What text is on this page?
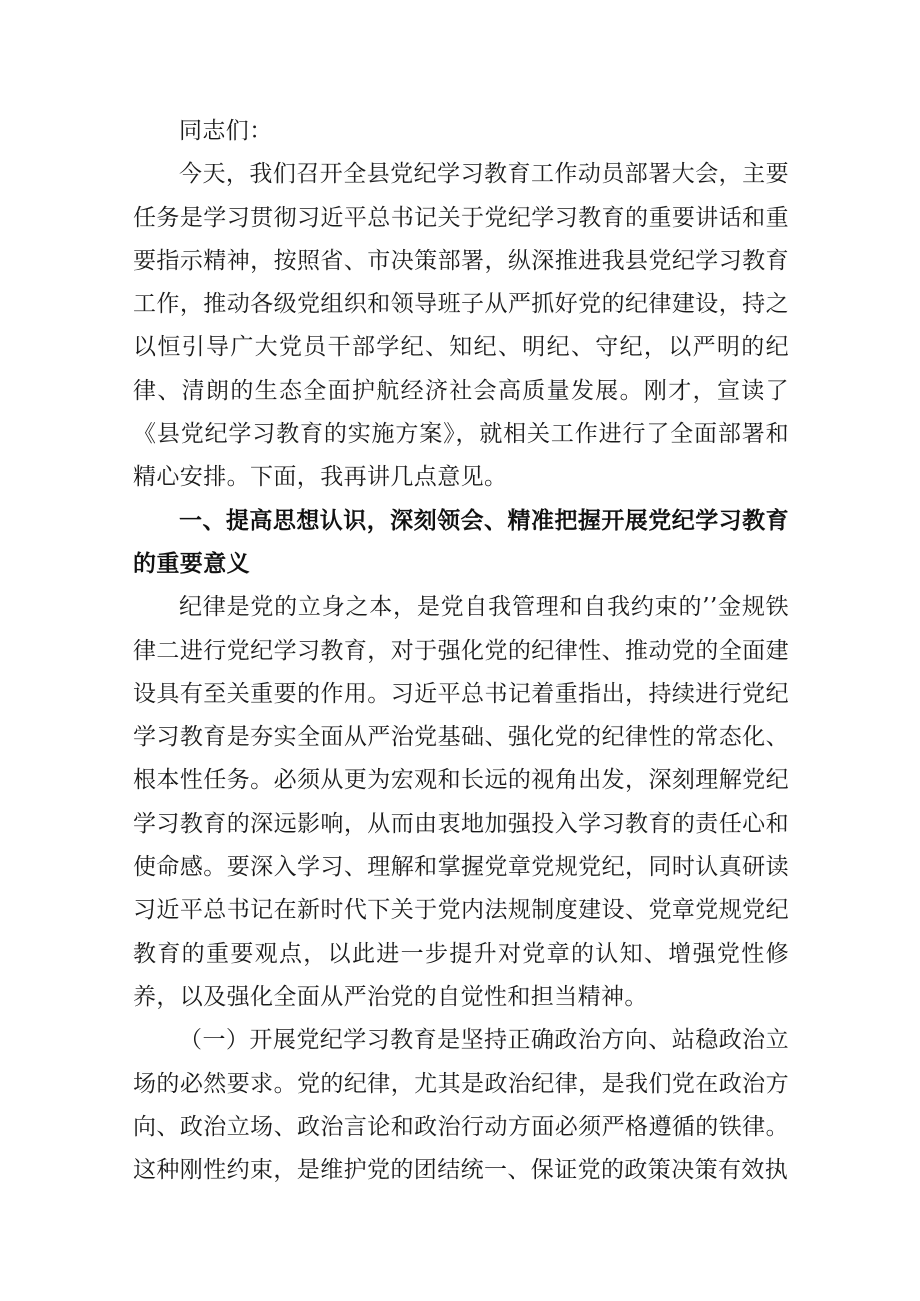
同志们：

今天，我们召开全县党纪学习教育工作动员部署大会，主要任务是学习贯彻习近平总书记关于党纪学习教育的重要讲话和重要指示精神，按照省、市决策部署，纵深推进我县党纪学习教育工作，推动各级党组织和领导班子从严抓好党的纪律建设，持之以恒引导广大党员干部学纪、知纪、明纪、守纪，以严明的纪律、清朗的生态全面护航经济社会高质量发展。刚才，宣读了《县党纪学习教育的实施方案》，就相关工作进行了全面部署和精心安排。下面，我再讲几点意见。

一、提高思想认识，深刻领会、精准把握开展党纪学习教育的重要意义

纪律是党的立身之本，是党自我管理和自我约束的’’金规铁律二进行党纪学习教育，对于强化党的纪律性、推动党的全面建设具有至关重要的作用。习近平总书记着重指出，持续进行党纪学习教育是夯实全面从严治党基础、强化党的纪律性的常态化、根本性任务。必须从更为宏观和长远的视角出发，深刻理解党纪学习教育的深远影响，从而由衷地加强投入学习教育的责任心和使命感。要深入学习、理解和掌握党章党规党纪，同时认真研读习近平总书记在新时代下关于党内法规制度建设、党章党规党纪教育的重要观点，以此进一步提升对党章的认知、增强党性修养，以及强化全面从严治党的自觉性和担当精神。

（一）开展党纪学习教育是坚持正确政治方向、站稳政治立场的必然要求。党的纪律，尤其是政治纪律，是我们党在政治方向、政治立场、政治言论和政治行动方面必须严格遵循的铁律。这种刚性约束，是维护党的团结统一、保证党的政策决策有效执
